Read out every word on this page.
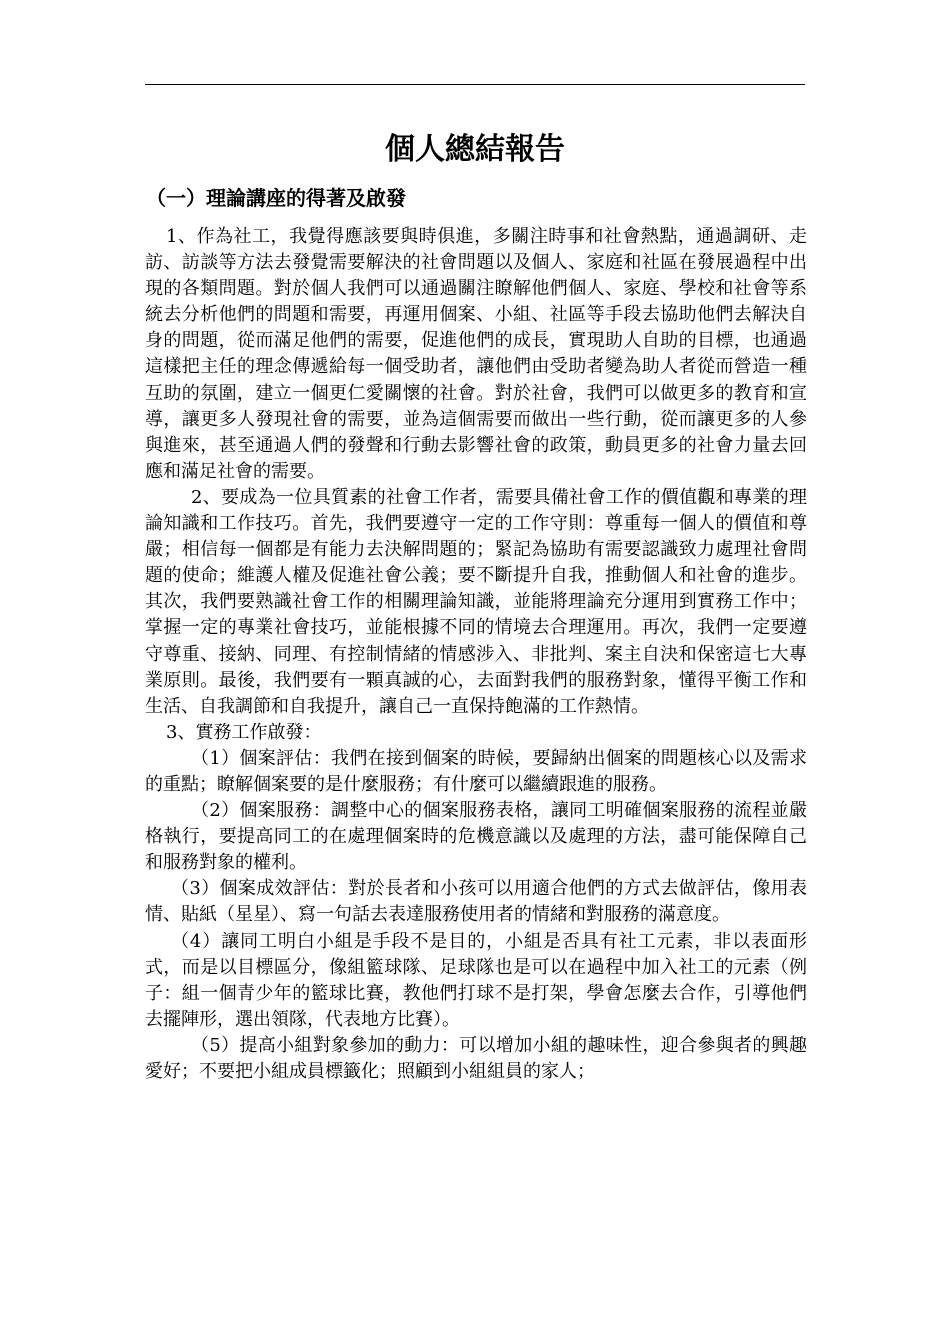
個人總結報告
（一）理論講座的得著及啟發

1、作為社工，我覺得應該要與時俱進，多關注時事和社會熱點，通過調研、走訪、訪談等方法去發覺需要解決的社會問題以及個人、家庭和社區在發展過程中出現的各類問題。對於個人我們可以通過關注瞭解他們個人、家庭、學校和社會等系統去分析他們的問題和需要，再運用個案、小組、社區等手段去協助他們去解決自身的問題，從而滿足他們的需要，促進他們的成長，實現助人自助的目標，也通過這樣把主任的理念傳遞給每一個受助者，讓他們由受助者變為助人者從而營造一種互助的氛圍，建立一個更仁愛關懷的社會。對於社會，我們可以做更多的教育和宣導，讓更多人發現社會的需要，並為這個需要而做出一些行動，從而讓更多的人參與進來，甚至通過人們的發聲和行動去影響社會的政策，動員更多的社會力量去回應和滿足社會的需要。

2、要成為一位具質素的社會工作者，需要具備社會工作的價值觀和專業的理論知識和工作技巧。首先，我們要遵守一定的工作守則：尊重每一個人的價值和尊嚴；相信每一個都是有能力去決解問題的；緊記為協助有需要認識致力處理社會問題的使命；維護人權及促進社會公義；要不斷提升自我，推動個人和社會的進步。其次，我們要熟識社會工作的相關理論知識，並能將理論充分運用到實務工作中；掌握一定的專業社會技巧，並能根據不同的情境去合理運用。再次，我們一定要遵守尊重、接納、同理、有控制情緒的情感涉入、非批判、案主自決和保密這七大專業原則。最後，我們要有一顆真誠的心，去面對我們的服務對象，懂得平衡工作和生活、自我調節和自我提升，讓自己一直保持飽滿的工作熱情。

3、實務工作啟發：

（1）個案評估：我們在接到個案的時候，要歸納出個案的問題核心以及需求的重點；瞭解個案要的是什麼服務；有什麼可以繼續跟進的服務。

（2）個案服務：調整中心的個案服務表格，讓同工明確個案服務的流程並嚴格執行，要提高同工的在處理個案時的危機意識以及處理的方法，盡可能保障自己和服務對象的權利。

（3）個案成效評估：對於長者和小孩可以用適合他們的方式去做評估，像用表情、貼紙（星星）、寫一句話去表達服務使用者的情緒和對服務的滿意度。

（4）讓同工明白小組是手段不是目的，小組是否具有社工元素，非以表面形式，而是以目標區分，像組籃球隊、足球隊也是可以在過程中加入社工的元素（例子：組一個青少年的籃球比賽，教他們打球不是打架，學會怎麼去合作，引導他們去擺陣形，選出領隊，代表地方比賽）。

（5）提高小組對象參加的動力：可以增加小組的趣味性，迎合參與者的興趣愛好；不要把小組成員標籤化；照顧到小組組員的家人；
